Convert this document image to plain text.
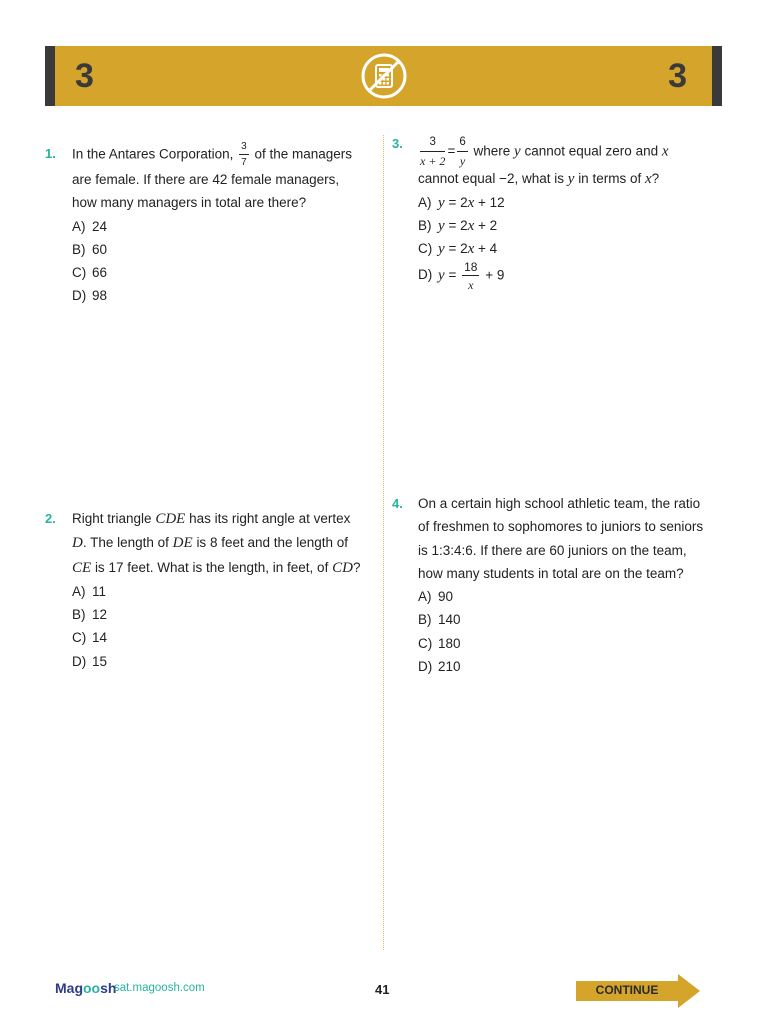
3	3
1. In the Antares Corporation, $\frac{3}{7}$ of the managers
are female. If there are 42 female managers,
how many managers in total are there?

A) 24
B) 60
C) 66
D) 98
2. Right triangle CDE has its right angle at vertex
D. The length of DE is 8 feet and the length of
CE is 17 feet. What is the length, in feet, of CD?

A) 11
B) 12
C) 14
D) 15
3. $\frac{3}{x + 2} = \frac{6}{y}$ where y cannot equal zero and x
cannot equal −2, what is y in terms of x?

A) y = 2x + 12
B) y = 2x + 2
C) y = 2x + 4
D) $y = \frac{18}{x} + 9$
4. On a certain high school athletic team, the ratio
of freshmen to sophomores to juniors to seniors
is 1:3:4:6. If there are 60 juniors on the team,
how many students in total are on the team?

A) 90
B) 140
C) 180
D) 210
Magoosh
sat.magoosh.com	41	CONTINUE
